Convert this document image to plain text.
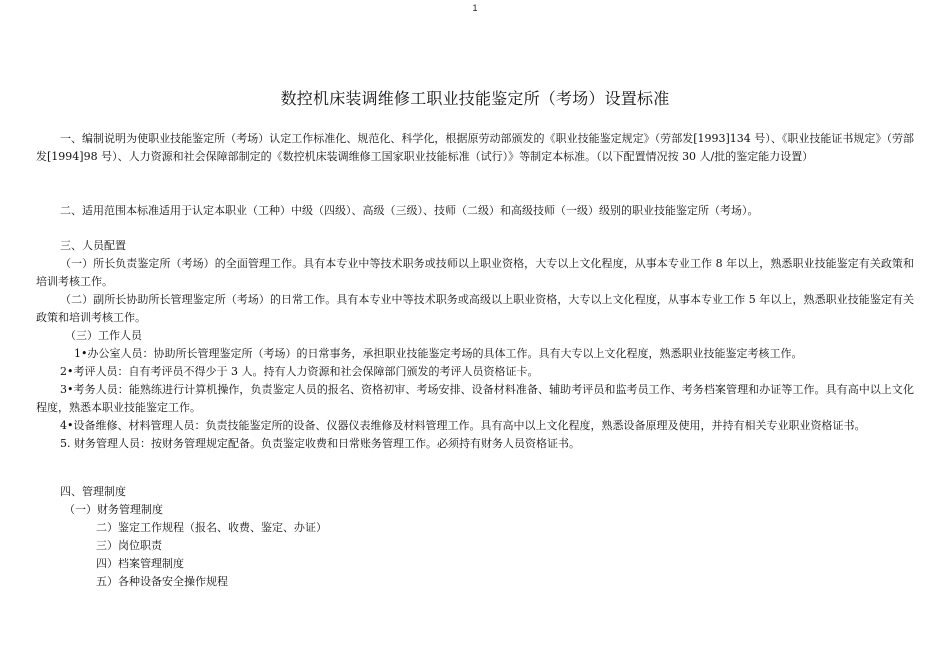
1
数控机床装调维修工职业技能鉴定所（考场）设置标准

一、编制说明为使职业技能鉴定所（考场）认定工作标准化、规范化、科学化，根据原劳动部颁发的《职业技能鉴定规定》（劳部发[1993]134 号）、《职业技能证书规定》（劳部发[1994]98 号）、人力资源和社会保障部制定的《数控机床装调维修工国家职业技能标准（试行）》等制定本标准。（以下配置情况按 30 人/批的鉴定能力设置）

二、适用范围本标准适用于认定本职业（工种）中级（四级）、高级（三级）、技师（二级）和高级技师（一级）级别的职业技能鉴定所（考场）。

三、人员配置

（一）所长负责鉴定所（考场）的全面管理工作。具有本专业中等技术职务或技师以上职业资格，大专以上文化程度，从事本专业工作 8 年以上，熟悉职业技能鉴定有关政策和培训考核工作。

（二）副所长协助所长管理鉴定所（考场）的日常工作。具有本专业中等技术职务或高级以上职业资格，大专以上文化程度，从事本专业工作 5 年以上，熟悉职业技能鉴定有关政策和培训考核工作。

（三）工作人员

1•办公室人员：协助所长管理鉴定所（考场）的日常事务，承担职业技能鉴定考场的具体工作。具有大专以上文化程度，熟悉职业技能鉴定考核工作。

2•考评人员：自有考评员不得少于 3 人。持有人力资源和社会保障部门颁发的考评人员资格证卡。

3•考务人员：能熟练进行计算机操作，负责鉴定人员的报名、资格初审、考场安排、设备材料准备、辅助考评员和监考员工作、考务档案管理和办证等工作。具有高中以上文化程度，熟悉本职业技能鉴定工作。

4•设备维修、材料管理人员：负责技能鉴定所的设备、仪器仪表维修及材料管理工作。具有高中以上文化程度，熟悉设备原理及使用，并持有相关专业职业资格证书。

5. 财务管理人员：按财务管理规定配备。负责鉴定收费和日常账务管理工作。必须持有财务人员资格证书。

四、管理制度

（一）财务管理制度

二）鉴定工作规程（报名、收费、鉴定、办证）

三）岗位职责

四）档案管理制度

五）各种设备安全操作规程
